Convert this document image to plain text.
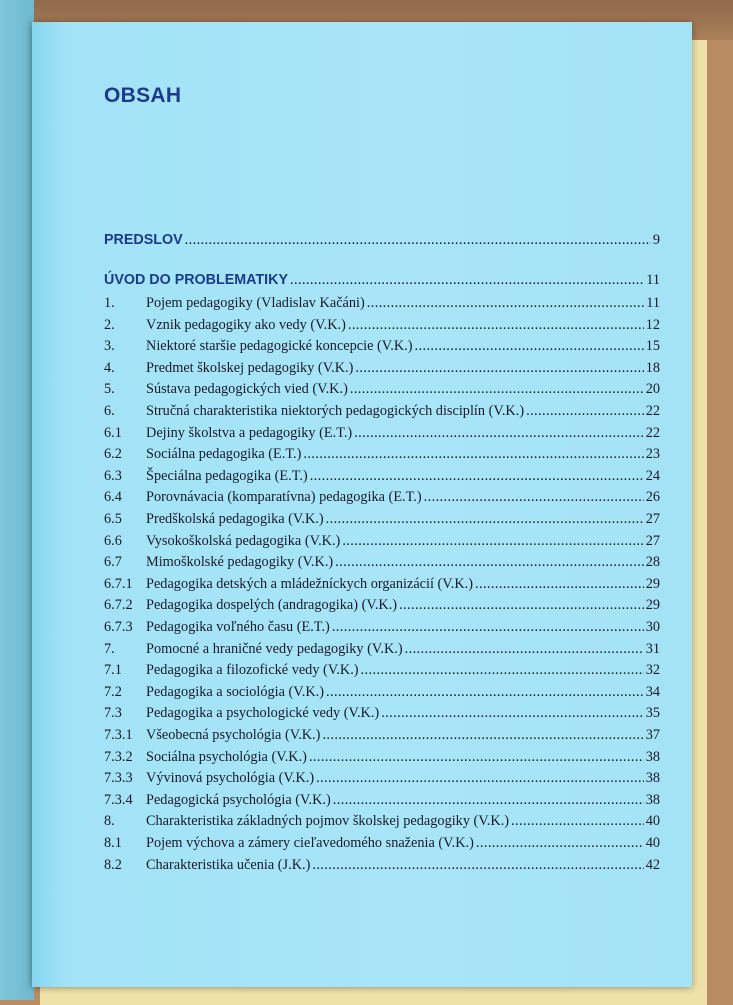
OBSAH
PREDSLOV .....	9
ÚVOD DO PROBLEMATIKY .....	11
1.	Pojem pedagogiky (Vladislav Kačáni) .....	11
2.	Vznik pedagogiky ako vedy (V.K.) .....	12
3.	Niektoré staršie pedagogické koncepcie (V.K.) .....	15
4.	Predmet školskej pedagogiky (V.K.) .....	18
5.	Sústava pedagogických vied (V.K.) .....	20
6.	Stručná charakteristika niektorých pedagogických disciplín (V.K.) .....	22
6.1	Dejiny školstva a pedagogiky (E.T.) .....	22
6.2	Sociálna pedagogika (E.T.) .....	23
6.3	Špeciálna pedagogika (E.T.) .....	24
6.4	Porovnávacia (komparatívna) pedagogika (E.T.) .....	26
6.5	Predškolská pedagogika (V.K.) .....	27
6.6	Vysokoškolská pedagogika (V.K.) .....	27
6.7	Mimoškolské pedagogiky (V.K.) .....	28
6.7.1 Pedagogika detských a mládežníckych organizácií (V.K.) .....	29
6.7.2 Pedagogika dospelých (andragogika) (V.K.) .....	29
6.7.3 Pedagogika voľného času (E.T.) .....	30
7.	Pomocné a hraničné vedy pedagogiky (V.K.) .....	31
7.1	Pedagogika a filozofické vedy (V.K.) .....	32
7.2	Pedagogika a sociológia (V.K.) .....	34
7.3	Pedagogika a psychologické vedy (V.K.) .....	35
7.3.1 Všeobecná psychológia (V.K.) .....	37
7.3.2 Sociálna psychológia (V.K.) .....	38
7.3.3 Vývinová psychológia (V.K.) .....	38
7.3.4 Pedagogická psychológia (V.K.) .....	38
8.	Charakteristika základných pojmov školskej pedagogiky (V.K.) .....	40
8.1	Pojem výchova a zámery cieľavedomého snaženia (V.K.) .....	40
8.2	Charakteristika učenia (J.K.) .....	42
